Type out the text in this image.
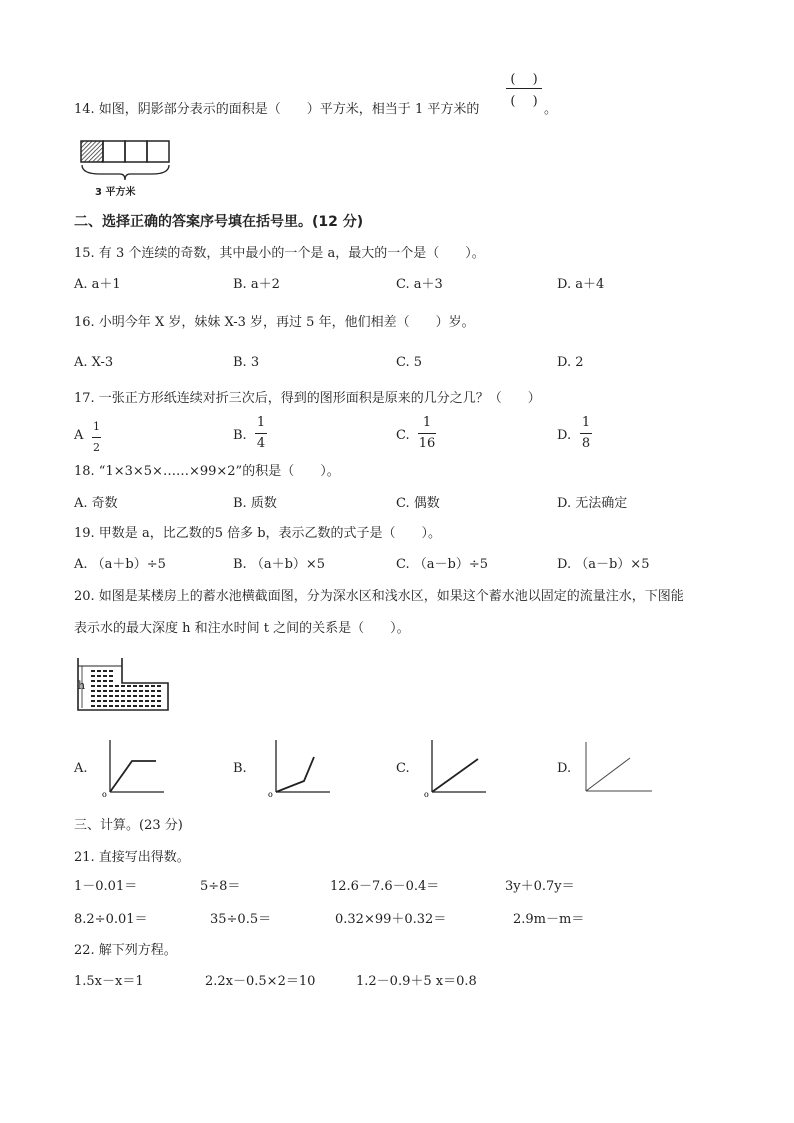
14. 如图，阴影部分表示的面积是（　　）平方米，相当于 1 平方米的
(　 )
(　 )
。
3 平方米
二、选择正确的答案序号填在括号里。(12 分)
15. 有 3 个连续的奇数，其中最小的一个是 a，最大的一个是（　　）。
A. a＋1	B. a＋2	C. a＋3	D. a＋4
16. 小明今年 X 岁，妹妹 X-3 岁，再过 5 年，他们相差（　　）岁。
A. X-3	B. 3	C. 5	D. 2
17. 一张正方形纸连续对折三次后，得到的图形面积是原来的几分之几？（　　）
A
1
2
B.
1
4
C.
1
16
D.
1
8
18. “1×3×5×……×99×2”的积是（　　）。
A. 奇数	B. 质数	C. 偶数	D. 无法确定
19. 甲数是 a，比乙数的5 倍多 b，表示乙数的式子是（　　）。
A. （a＋b）÷5	B. （a＋b）×5	C. （a－b）÷5	D. （a－b）×5
20. 如图是某楼房上的蓄水池横截面图，分为深水区和浅水区，如果这个蓄水池以固定的流量注水，下图能
表示水的最大深度 h 和注水时间 t 之间的关系是（　　）。
h
A.
o
B.
o
C.
o
D.
三、计算。(23 分)
21. 直接写出得数。
1－0.01＝	5÷8＝	12.6－7.6－0.4＝	3y＋0.7y＝
8.2÷0.01＝	35÷0.5＝	0.32×99＋0.32＝	2.9m－m＝
22. 解下列方程。
1.5x－x＝1	2.2x－0.5×2＝10	1.2－0.9＋5 x＝0.8
